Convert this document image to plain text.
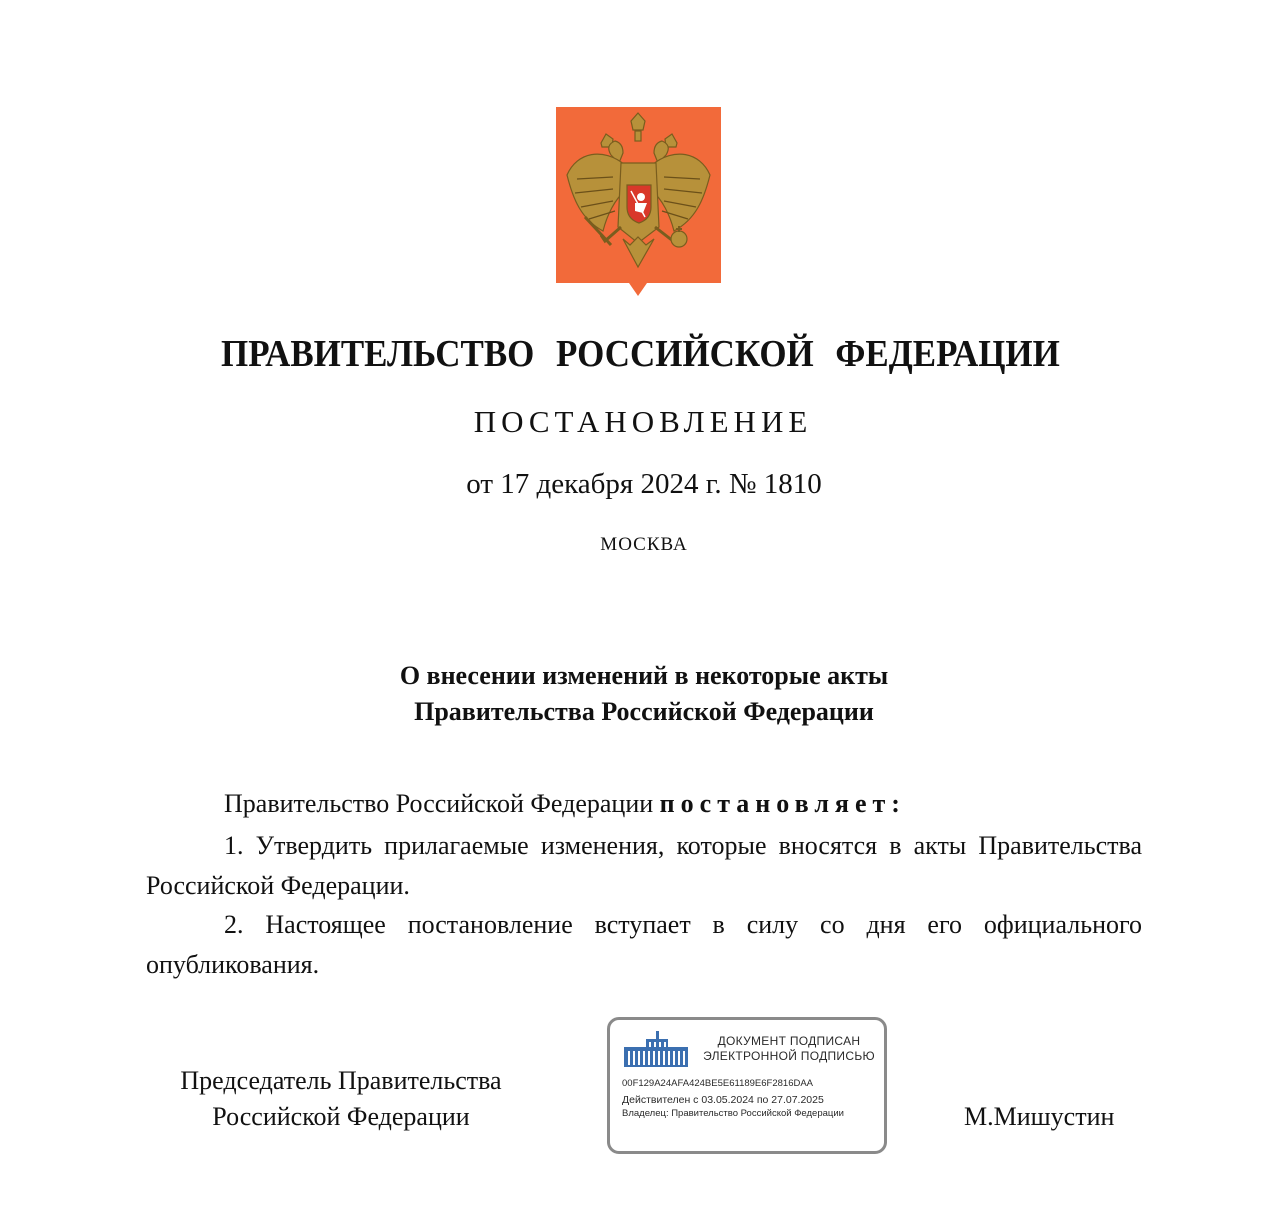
ПРАВИТЕЛЬСТВО РОССИЙСКОЙ ФЕДЕРАЦИИ
ПОСТАНОВЛЕНИЕ
от 17 декабря 2024 г. № 1810
МОСКВА
О внесении изменений в некоторые акты
Правительства Российской Федерации
Правительство Российской Федерации постановляет:
1. Утвердить прилагаемые изменения, которые вносятся в акты Правительства Российской Федерации.
2. Настоящее постановление вступает в силу со дня его официального опубликования.
Председатель Правительства
Российской Федерации
ДОКУМЕНТ ПОДПИСАН
ЭЛЕКТРОННОЙ ПОДПИСЬЮ
00F129A24AFA424BE5E61189E6F2816DAA
Действителен с 03.05.2024 по 27.07.2025
Владелец: Правительство Российской Федерации	М.Мишустин
